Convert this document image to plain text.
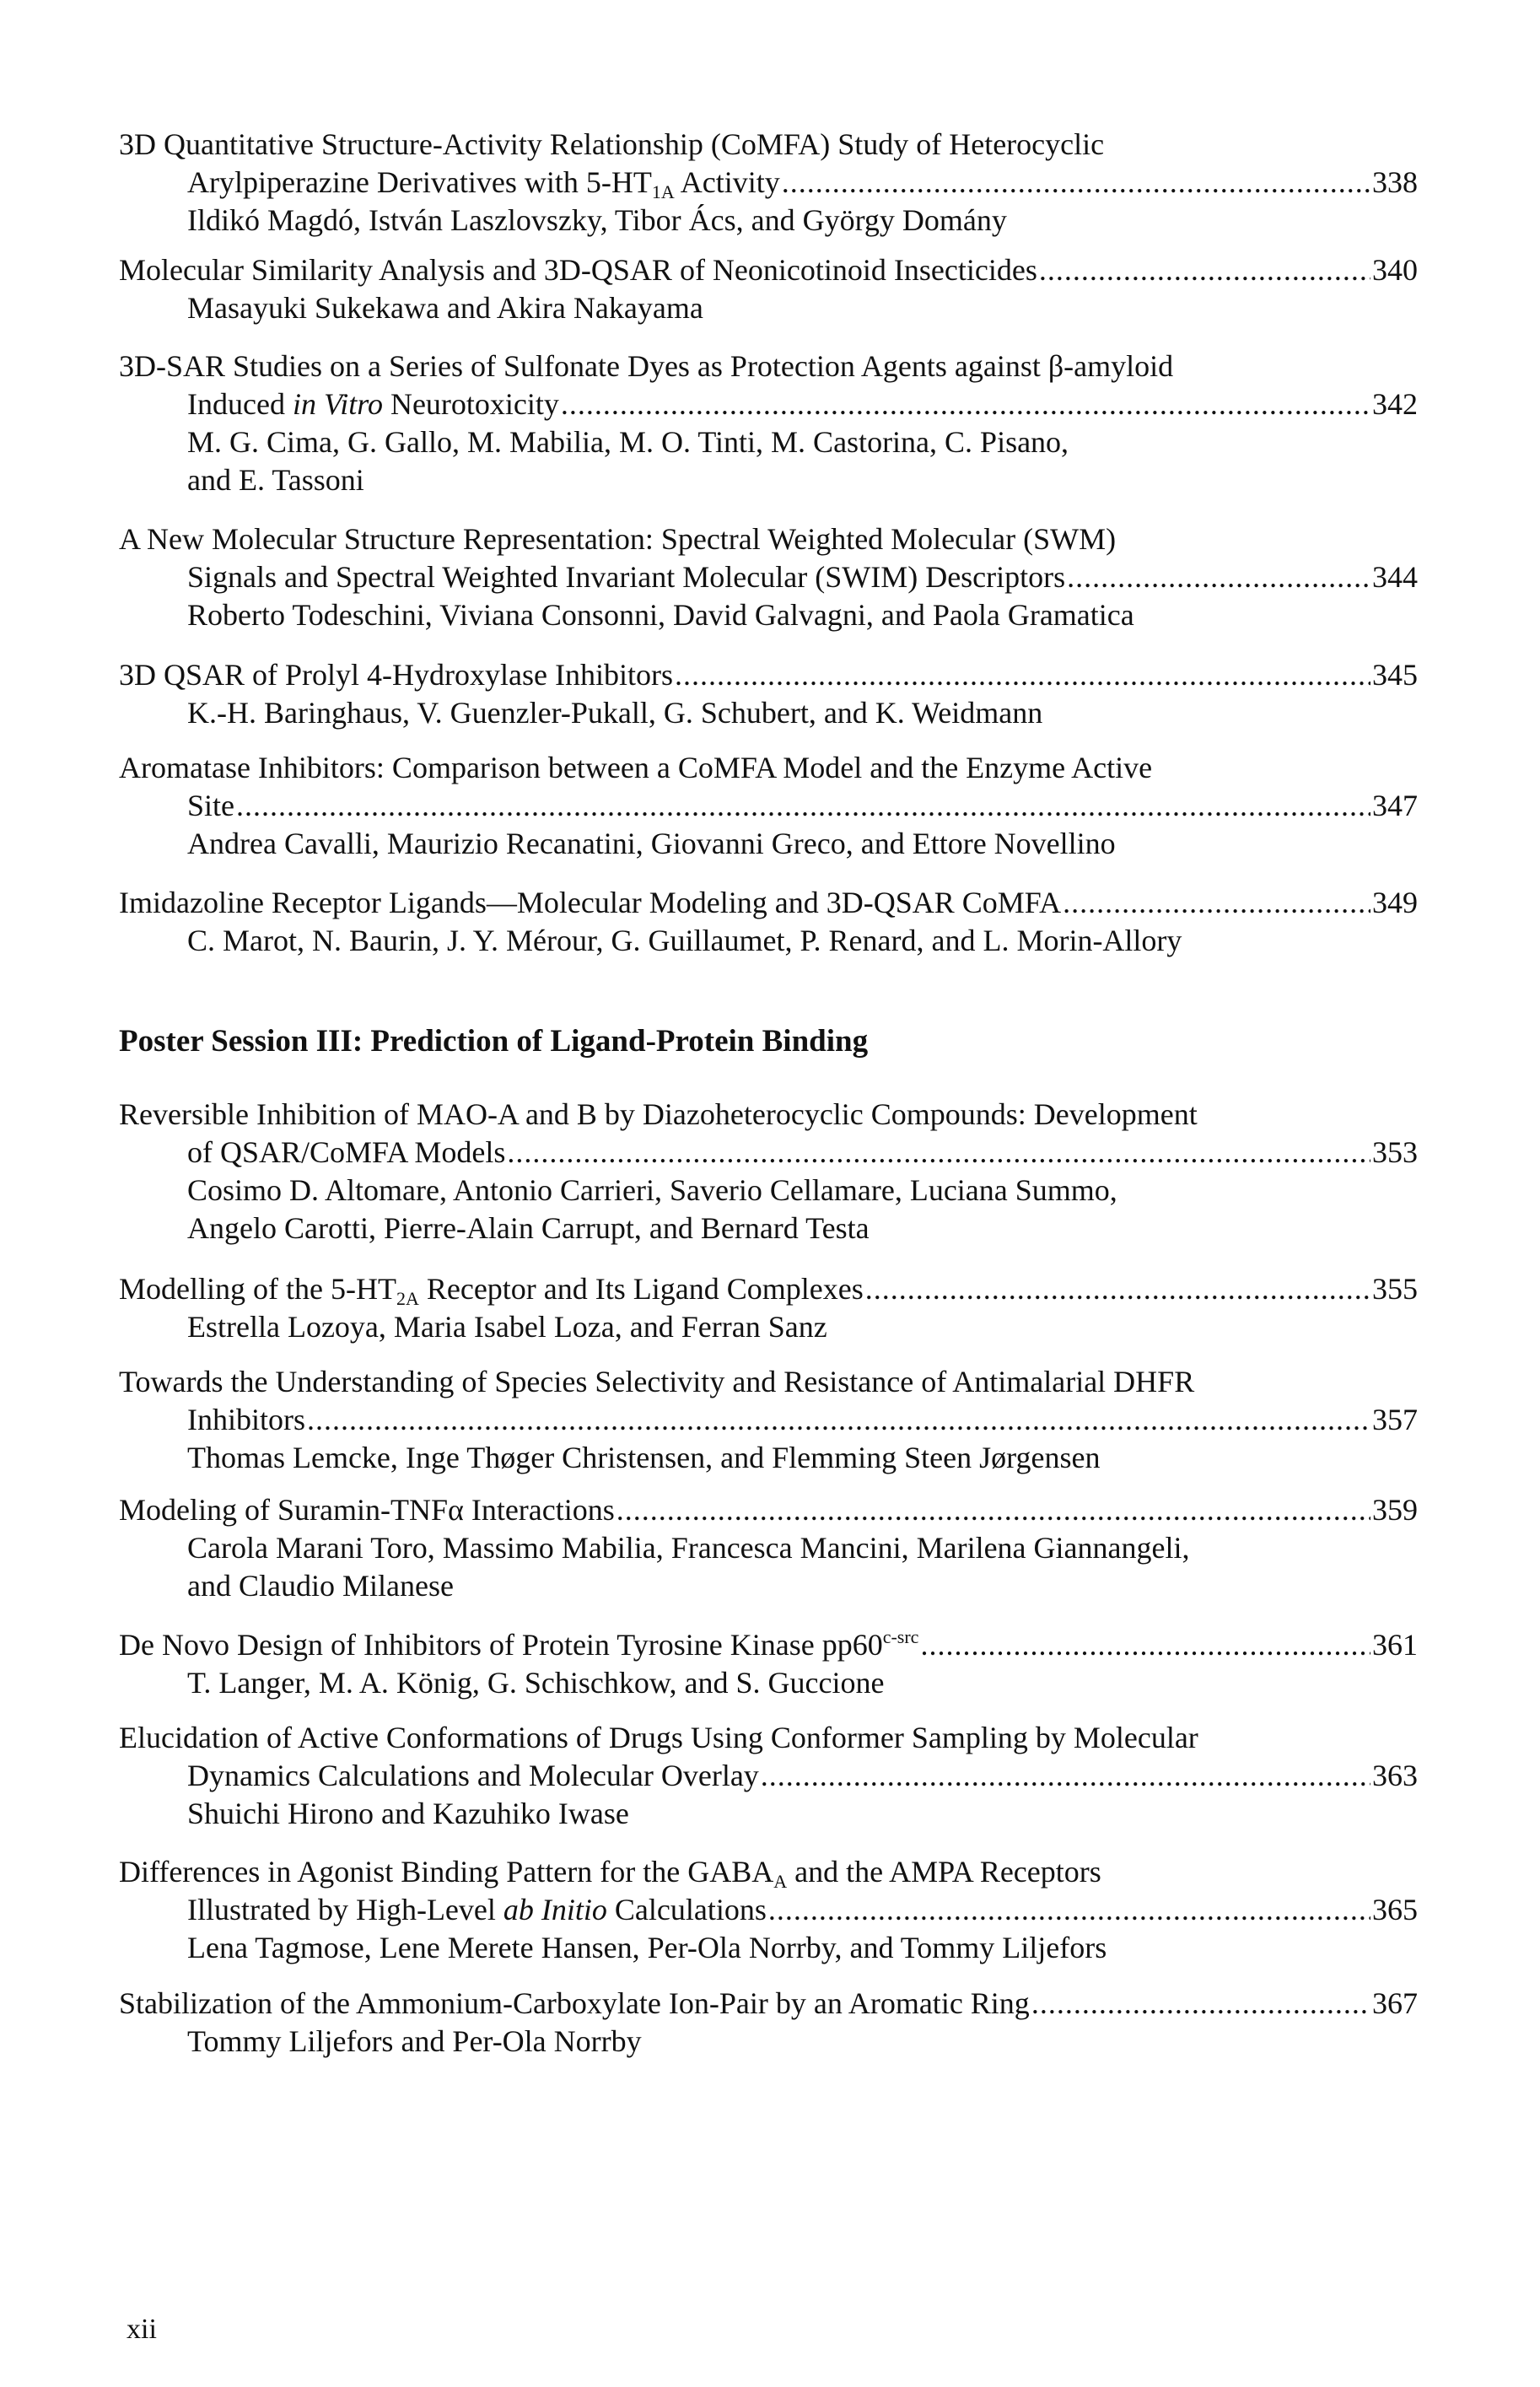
3D Quantitative Structure-Activity Relationship (CoMFA) Study of Heterocyclic
Arylpiperazine Derivatives with $5-HT_{1A}$ Activity .....	338
Ildikó Magdó, István Laszlovszky, Tibor Ács, and György Domány
Molecular Similarity Analysis and 3D-QSAR of Neonicotinoid Insecticides .....	340
Masayuki Sukekawa and Akira Nakayama
3D-SAR Studies on a Series of Sulfonate Dyes as Protection Agents against β-amyloid
Induced in Vitro Neurotoxicity .....	342
M. G. Cima, G. Gallo, M. Mabilia, M. O. Tinti, M. Castorina, C. Pisano,
and E. Tassoni
A New Molecular Structure Representation: Spectral Weighted Molecular (SWM)
Signals and Spectral Weighted Invariant Molecular (SWIM) Descriptors .....	344
Roberto Todeschini, Viviana Consonni, David Galvagni, and Paola Gramatica
3D QSAR of Prolyl 4-Hydroxylase Inhibitors .....	345
K.-H. Baringhaus, V. Guenzler-Pukall, G. Schubert, and K. Weidmann
Aromatase Inhibitors: Comparison between a CoMFA Model and the Enzyme Active
Site .....	347
Andrea Cavalli, Maurizio Recanatini, Giovanni Greco, and Ettore Novellino
Imidazoline Receptor Ligands—Molecular Modeling and 3D-QSAR CoMFA .....	349
C. Marot, N. Baurin, J. Y. Mérour, G. Guillaumet, P. Renard, and L. Morin-Allory
Poster Session III: Prediction of Ligand-Protein Binding
Reversible Inhibition of MAO-A and B by Diazoheterocyclic Compounds: Development
of QSAR/CoMFA Models .....	353
Cosimo D. Altomare, Antonio Carrieri, Saverio Cellamare, Luciana Summo,
Angelo Carotti, Pierre-Alain Carrupt, and Bernard Testa
Modelling of the $5-HT_{2A}$ Receptor and Its Ligand Complexes .....	355
Estrella Lozoya, Maria Isabel Loza, and Ferran Sanz
Towards the Understanding of Species Selectivity and Resistance of Antimalarial DHFR
Inhibitors .....	357
Thomas Lemcke, Inge Thøger Christensen, and Flemming Steen Jørgensen
Modeling of Suramin-TNFα Interactions .....	359
Carola Marani Toro, Massimo Mabilia, Francesca Mancini, Marilena Giannangeli,
and Claudio Milanese
De Novo Design of Inhibitors of Protein Tyrosine Kinase $pp60^{c-src}$ .....	361
T. Langer, M. A. König, G. Schischkow, and S. Guccione
Elucidation of Active Conformations of Drugs Using Conformer Sampling by Molecular
Dynamics Calculations and Molecular Overlay .....	363
Shuichi Hirono and Kazuhiko Iwase
Differences in Agonist Binding Pattern for the $GABA_A$ and the AMPA Receptors
Illustrated by High-Level ab Initio Calculations .....	365
Lena Tagmose, Lene Merete Hansen, Per-Ola Norrby, and Tommy Liljefors
Stabilization of the Ammonium-Carboxylate Ion-Pair by an Aromatic Ring .....	367
Tommy Liljefors and Per-Ola Norrby
xii
